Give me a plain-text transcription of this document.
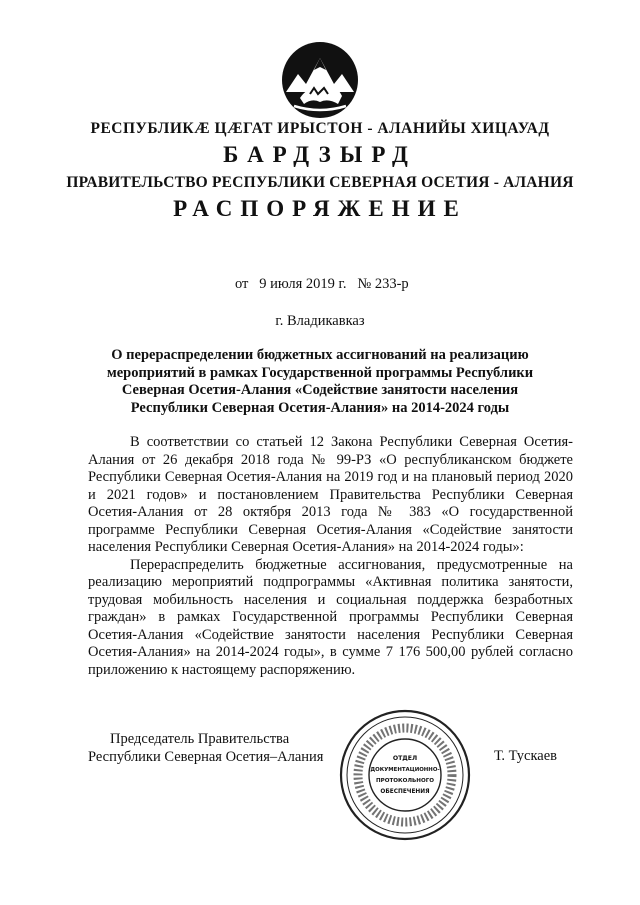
РЕСПУБЛИКӔ ЦӔГАТ ИРЫСТОН - АЛАНИЙЫ ХИЦАУАД
БАРДЗЫРД
ПРАВИТЕЛЬСТВО РЕСПУБЛИКИ СЕВЕРНАЯ ОСЕТИЯ - АЛАНИЯ
РАСПОРЯЖЕНИЕ
от 9 июля 2019 г. № 233-р
г. Владикавказ
О перераспределении бюджетных ассигнований на реализацию
мероприятий в рамках Государственной программы Республики
Северная Осетия-Алания «Содействие занятости населения
Республики Северная Осетия-Алания» на 2014-2024 годы

В соответствии со статьей 12 Закона Республики Северная Осетия-Алания от 26 декабря 2018 года № 99-РЗ «О республиканском бюджете Республики Северная Осетия-Алания на 2019 год и на плановый период 2020 и 2021 годов» и постановлением Правительства Республики Северная Осетия-Алания от 28 октября 2013 года № 383 «О государственной программе Республики Северная Осетия-Алания «Содействие занятости населения Республики Северная Осетия-Алания» на 2014-2024 годы»:

Перераспределить бюджетные ассигнования, предусмотренные на реализацию мероприятий подпрограммы «Активная политика занятости, трудовая мобильность населения и социальная поддержка безработных граждан» в рамках Государственной программы Республики Северная Осетия-Алания «Содействие занятости населения Республики Северная Осетия-Алания» на 2014-2024 годы», в сумме 7 176 500,00 рублей согласно приложению к настоящему распоряжению.

Председатель Правительства
Республики Северная Осетия–Алания	ОТДЕЛ
ДОКУМЕНТАЦИОННО-
ПРОТОКОЛЬНОГО
ОБЕСПЕЧЕНИЯ
Т. Тускаев
